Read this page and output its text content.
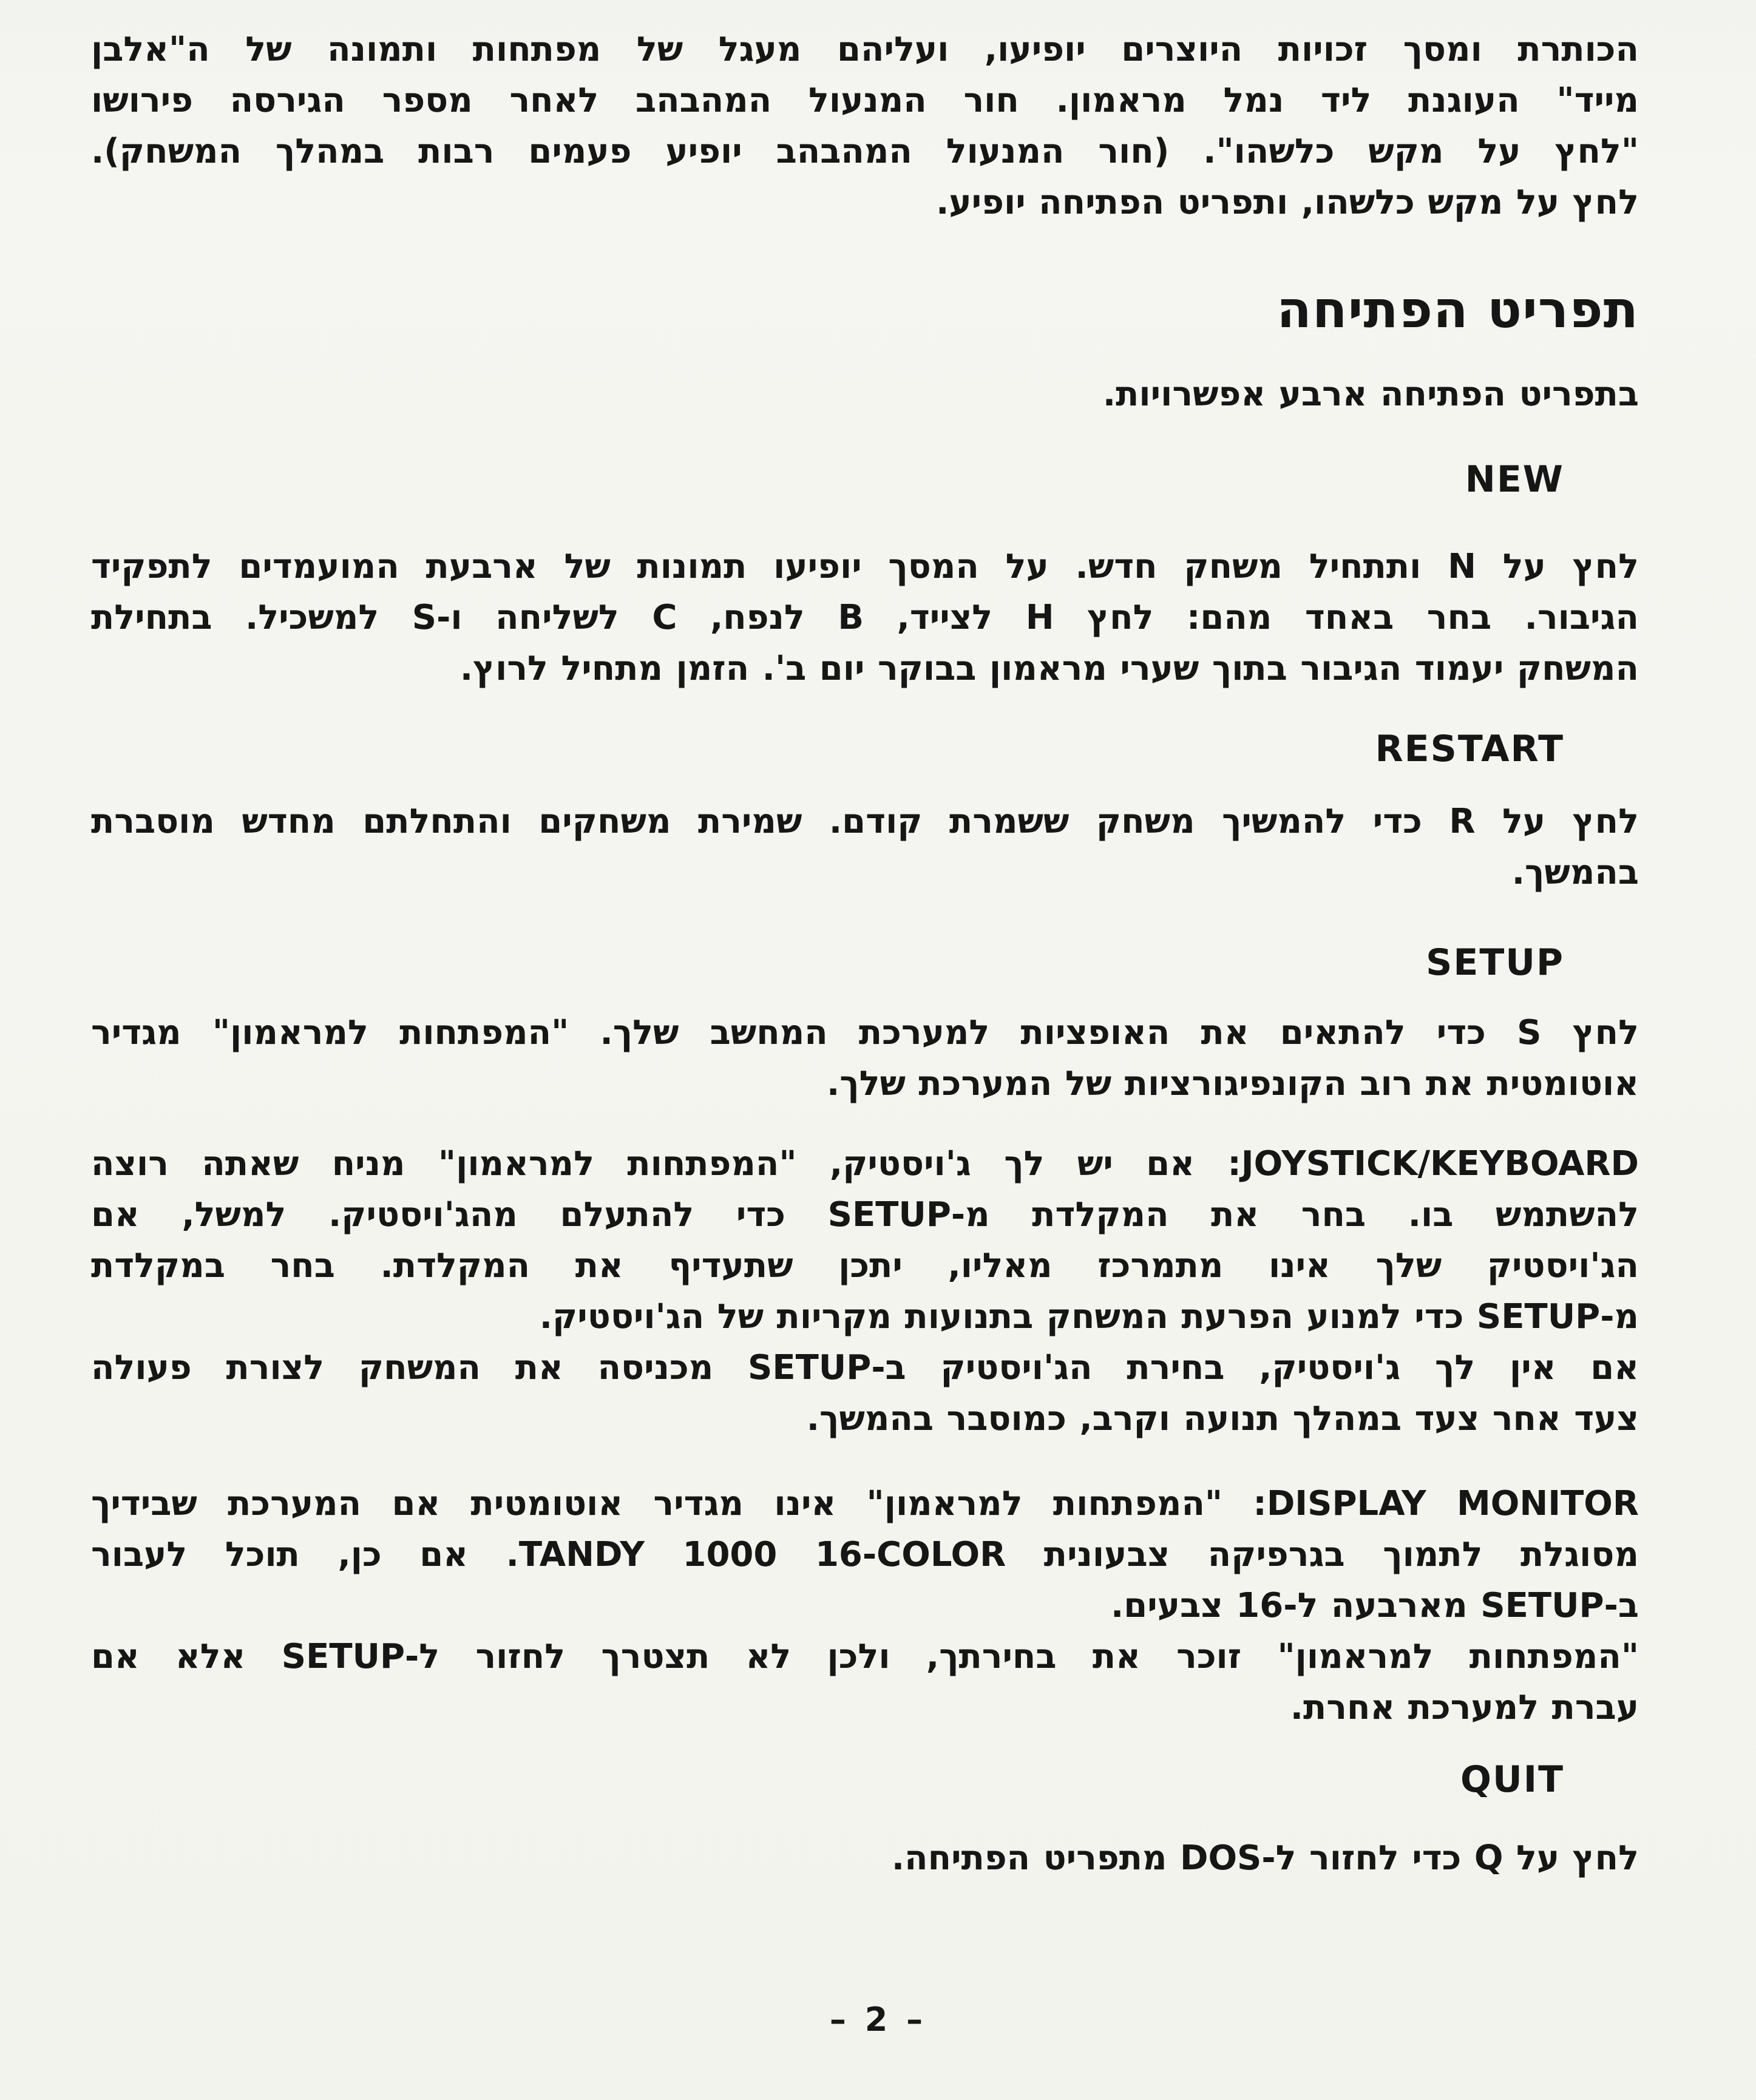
הכותרת ומסך זכויות היוצרים יופיעו, ועליהם מעגל של מפתחות ותמונה של ה"אלבן
מייד" העוגנת ליד נמל מראמון. חור המנעול המהבהב לאחר מספר הגירסה פירושו
"לחץ על מקש כלשהו". (חור המנעול המהבהב יופיע פעמים רבות במהלך המשחק).
לחץ על מקש כלשהו, ותפריט הפתיחה יופיע.
תפריט הפתיחה
בתפריט הפתיחה ארבע אפשרויות.
NEW
לחץ על N ותתחיל משחק חדש. על המסך יופיעו תמונות של ארבעת המועמדים לתפקיד
הגיבור. בחר באחד מהם: לחץ H לצייד, B לנפח, C לשליחה ו-S למשכיל. בתחילת
המשחק יעמוד הגיבור בתוך שערי מראמון בבוקר יום ב'. הזמן מתחיל לרוץ.
RESTART
לחץ על R כדי להמשיך משחק ששמרת קודם. שמירת משחקים והתחלתם מחדש מוסברת
בהמשך.
SETUP
לחץ S כדי להתאים את האופציות למערכת המחשב שלך. "המפתחות למראמון" מגדיר
אוטומטית את רוב הקונפיגורציות של המערכת שלך.
JOYSTICK/KEYBOARD: אם יש לך ג'ויסטיק, "המפתחות למראמון" מניח שאתה רוצה
להשתמש בו. בחר את המקלדת מ-SETUP כדי להתעלם מהג'ויסטיק. למשל, אם
הג'ויסטיק שלך אינו מתמרכז מאליו, יתכן שתעדיף את המקלדת. בחר במקלדת
מ-SETUP כדי למנוע הפרעת המשחק בתנועות מקריות של הג'ויסטיק.
אם אין לך ג'ויסטיק, בחירת הג'ויסטיק ב-SETUP מכניסה את המשחק לצורת פעולה
צעד אחר צעד במהלך תנועה וקרב, כמוסבר בהמשך.
DISPLAY MONITOR: "המפתחות למראמון" אינו מגדיר אוטומטית אם המערכת שבידיך
מסוגלת לתמוך בגרפיקה צבעונית TANDY 1000 16-COLOR. אם כן, תוכל לעבור
ב-SETUP מארבעה ל-16 צבעים.
"המפתחות למראמון" זוכר את בחירתך, ולכן לא תצטרך לחזור ל-SETUP אלא אם
עברת למערכת אחרת.
QUIT
לחץ על Q כדי לחזור ל-DOS מתפריט הפתיחה.
– 2 –
